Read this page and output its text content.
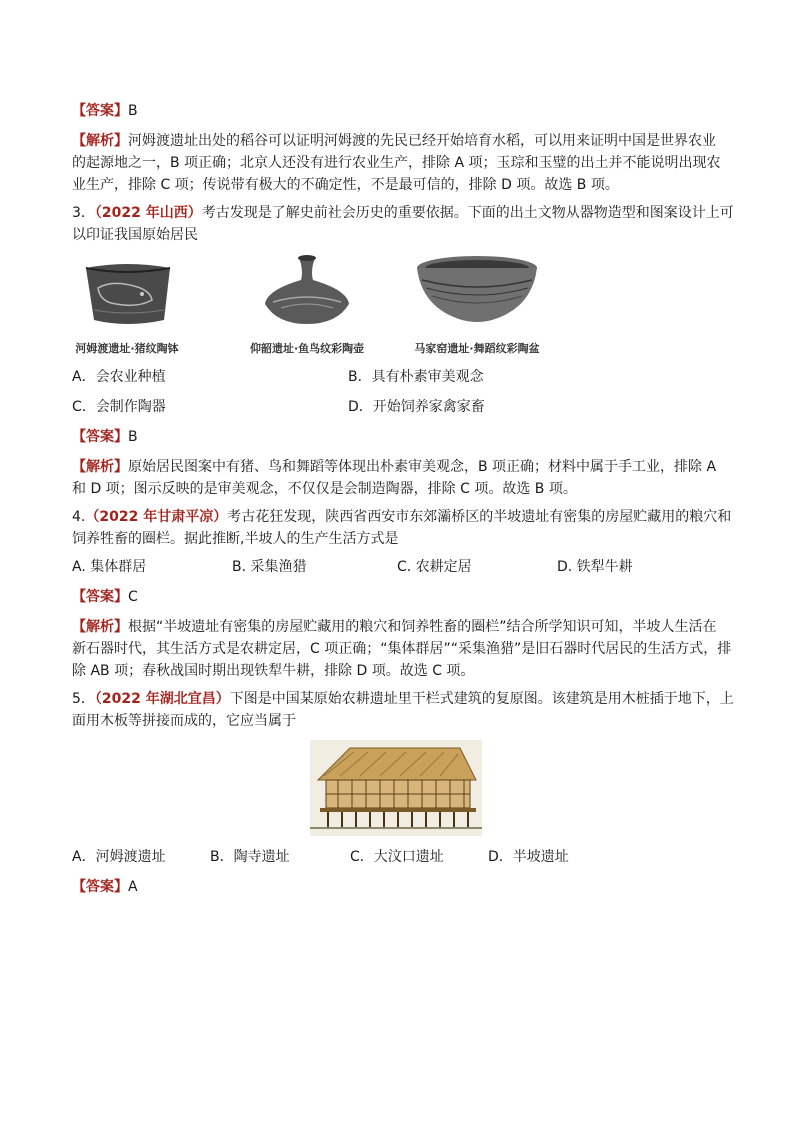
【答案】B
【解析】河姆渡遗址出处的稻谷可以证明河姆渡的先民已经开始培育水稻，可以用来证明中国是世界农业
的起源地之一，B 项正确；北京人还没有进行农业生产，排除 A 项；玉琮和玉璧的出土并不能说明出现农
业生产，排除 C 项；传说带有极大的不确定性，不是最可信的，排除 D 项。故选 B 项。
3．（2022 年山西）考古发现是了解史前社会历史的重要依据。下面的出土文物从器物造型和图案设计上可
以印证我国原始居民
河姆渡遗址·猪纹陶钵	仰韶遗址·鱼鸟纹彩陶壶	马家窑遗址·舞蹈纹彩陶盆
A．会农业种植	B．具有朴素审美观念
C．会制作陶器	D．开始饲养家禽家畜
【答案】B
【解析】原始居民图案中有猪、鸟和舞蹈等体现出朴素审美观念，B 项正确；材料中属于手工业，排除 A
和 D 项；图示反映的是审美观念，不仅仅是会制造陶器，排除 C 项。故选 B 项。
4.（2022 年甘肃平凉）考古花狂发现，陕西省西安市东郊灞桥区的半坡遗址有密集的房屋贮藏用的粮穴和
饲养牲畜的圈栏。据此推断,半坡人的生产生活方式是
A. 集体群居	B. 采集渔猎	C. 农耕定居	D. 铁犁牛耕
【答案】C
【解析】根据“半坡遗址有密集的房屋贮藏用的粮穴和饲养牲畜的圈栏”结合所学知识可知，半坡人生活在
新石器时代，其生活方式是农耕定居，C 项正确；“集体群居”“采集渔猎”是旧石器时代居民的生活方式，排
除 AB 项；春秋战国时期出现铁犁牛耕，排除 D 项。故选 C 项。
5．（2022 年湖北宜昌）下图是中国某原始农耕遗址里干栏式建筑的复原图。该建筑是用木桩插于地下，上
面用木板等拼接而成的，它应当属于
A．河姆渡遗址	B．陶寺遗址	C．大汶口遗址	D．半坡遗址
【答案】A
